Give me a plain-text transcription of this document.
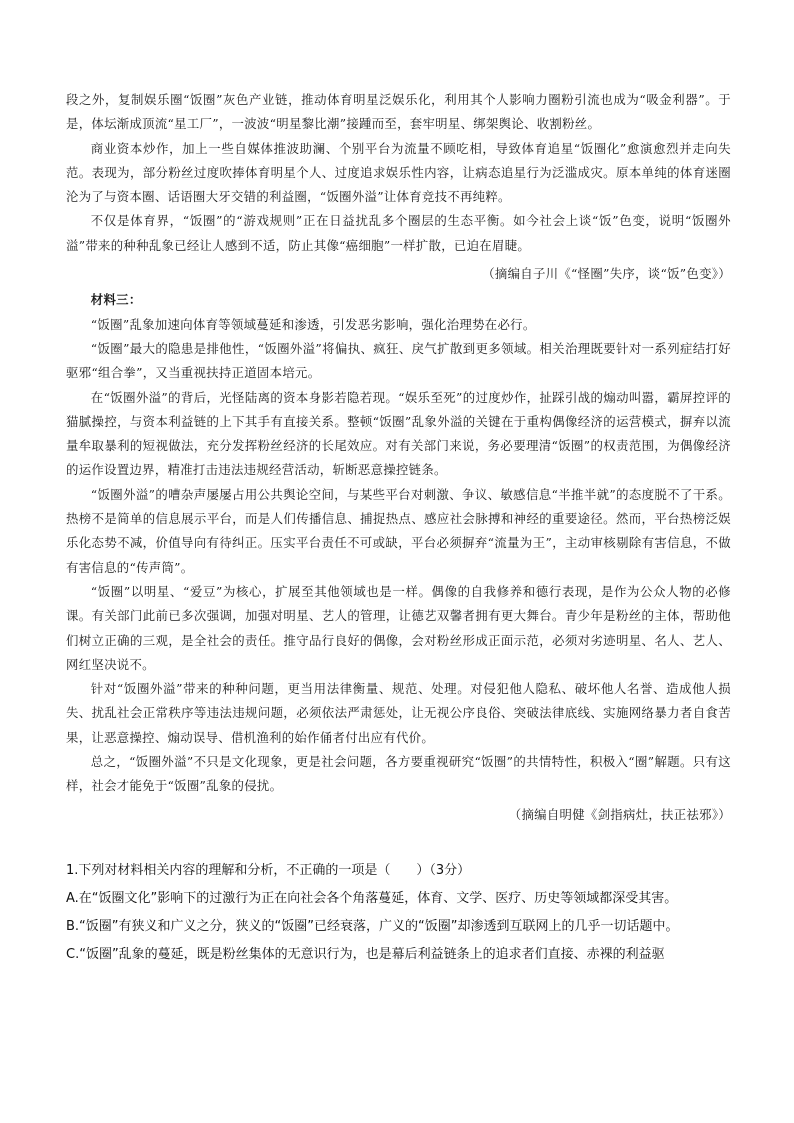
段之外，复制娱乐圈“饭圈”灰色产业链，推动体育明星泛娱乐化，利用其个人影响力圈粉引流也成为“吸金利器”。于是，体坛渐成顶流“星工厂”，一波波“明星黎比潮”接踵而至，套牢明星、绑架舆论、收割粉丝。

商业资本炒作，加上一些自媒体推波助澜、个别平台为流量不顾吃相，导致体育追星“饭圈化”愈演愈烈并走向失范。表现为，部分粉丝过度吹捧体育明星个人、过度追求娱乐性内容，让病态追星行为泛滥成灾。原本单纯的体育迷圈沦为了与资本圈、话语圈大牙交错的利益圈，“饭圈外溢”让体育竞技不再纯粹。

不仅是体育界，“饭圈”的“游戏规则”正在日益扰乱多个圈层的生态平衡。如今社会上谈“饭”色变，说明“饭圈外溢”带来的种种乱象已经让人感到不适，防止其像“癌细胞”一样扩散，已迫在眉睫。

（摘编自子川《“怪圈”失序，谈“饭”色变》）

材料三：

“饭圈”乱象加速向体育等领域蔓延和渗透，引发恶劣影响，强化治理势在必行。

“饭圈”最大的隐患是排他性，“饭圈外溢”将偏执、疯狂、戾气扩散到更多领域。相关治理既要针对一系列症结打好驱邪“组合拳”，又当重视扶持正道固本培元。

在“饭圈外溢”的背后，光怪陆离的资本身影若隐若现。“娱乐至死”的过度炒作，扯踩引战的煽动叫嚣，霸屏控评的猫腻操控，与资本利益链的上下其手有直接关系。整顿“饭圈”乱象外溢的关键在于重构偶像经济的运营模式，摒弃以流量牟取暴利的短视做法，充分发挥粉丝经济的长尾效应。对有关部门来说，务必要理清“饭圈”的权责范围，为偶像经济的运作设置边界，精准打击违法违规经营活动，斩断恶意操控链条。

“饭圈外溢”的嘈杂声屡屡占用公共舆论空间，与某些平台对刺激、争议、敏感信息“半推半就”的态度脱不了干系。热榜不是简单的信息展示平台，而是人们传播信息、捕捉热点、感应社会脉搏和神经的重要途径。然而，平台热榜泛娱乐化态势不减，价值导向有待纠正。压实平台责任不可或缺，平台必须摒弃“流量为王”，主动审核剔除有害信息，不做有害信息的“传声筒”。

“饭圈”以明星、“爱豆”为核心，扩展至其他领域也是一样。偶像的自我修养和德行表现，是作为公众人物的必修课。有关部门此前已多次强调，加强对明星、艺人的管理，让德艺双馨者拥有更大舞台。青少年是粉丝的主体，帮助他们树立正确的三观，是全社会的责任。推守品行良好的偶像，会对粉丝形成正面示范，必须对劣迹明星、名人、艺人、网红坚决说不。

针对“饭圈外溢”带来的种种问题，更当用法律衡量、规范、处理。对侵犯他人隐私、破坏他人名誉、造成他人损失、扰乱社会正常秩序等违法违规问题，必须依法严肃惩处，让无视公序良俗、突破法律底线、实施网络暴力者自食苦果，让恶意操控、煽动误导、借机渔利的始作俑者付出应有代价。

总之，“饭圈外溢”不只是文化现象，更是社会问题，各方要重视研究“饭圈”的共情特性，积极入“圈”解题。只有这样，社会才能免于“饭圈”乱象的侵扰。

（摘编自明健《剑指病灶，扶正祛邪》）

1.下列对材料相关内容的理解和分析，不正确的一项是（　　）（3分）

A.在“饭圈文化”影响下的过激行为正在向社会各个角落蔓延，体育、文学、医疗、历史等领域都深受其害。

B.“饭圈”有狭义和广义之分，狭义的“饭圈”已经衰落，广义的“饭圈”却渗透到互联网上的几乎一切话题中。

C.“饭圈”乱象的蔓延，既是粉丝集体的无意识行为，也是幕后利益链条上的追求者们直接、赤裸的利益驱
